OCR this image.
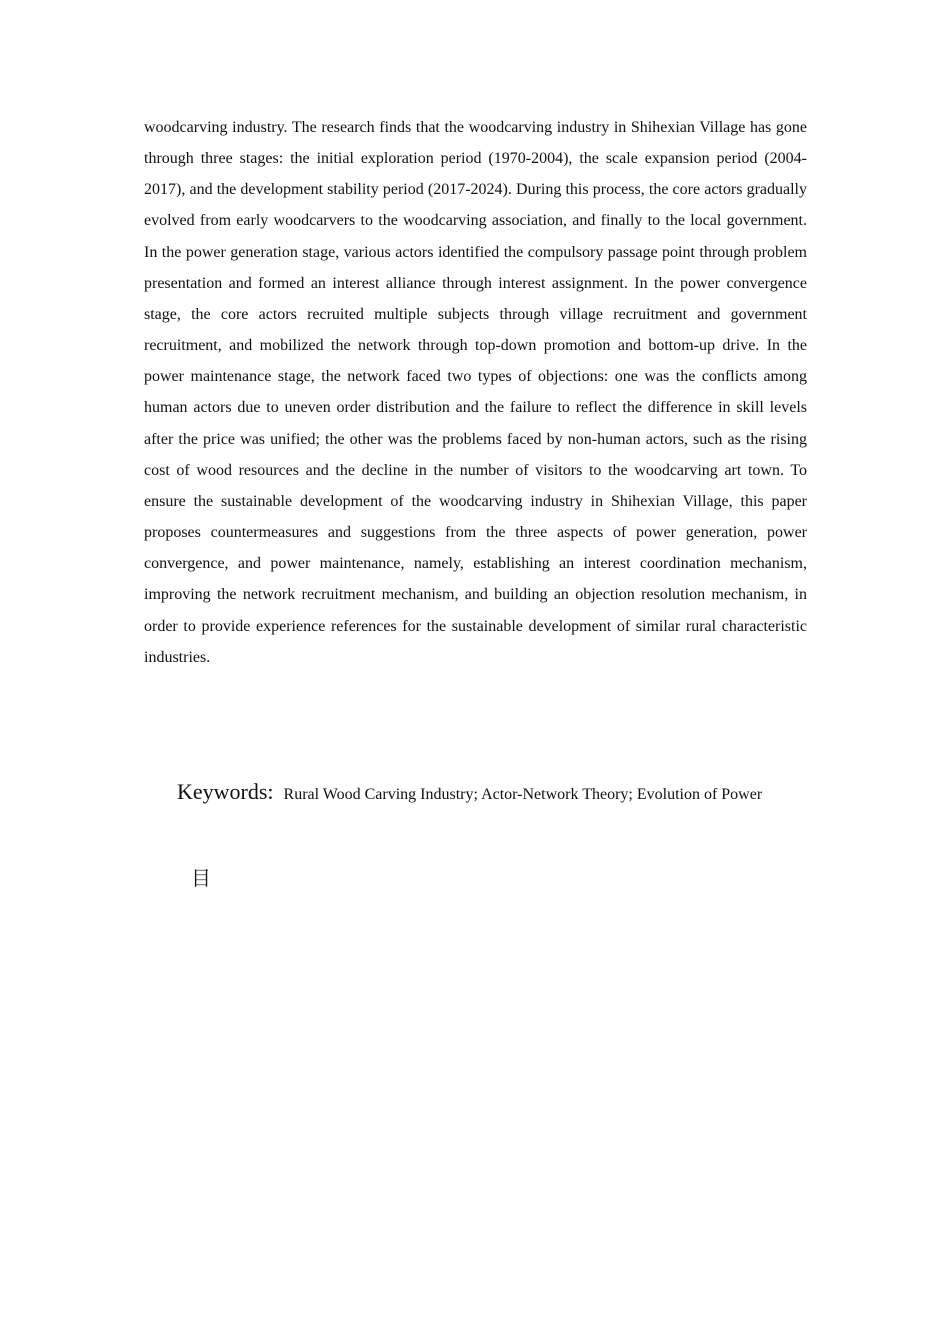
woodcarving industry. The research finds that the woodcarving industry in Shihexian Village has gone through three stages: the initial exploration period (1970-2004), the scale expansion period (2004-2017), and the development stability period (2017-2024). During this process, the core actors gradually evolved from early woodcarvers to the woodcarving association, and finally to the local government. In the power generation stage, various actors identified the compulsory passage point through problem presentation and formed an interest alliance through interest assignment. In the power convergence stage, the core actors recruited multiple subjects through village recruitment and government recruitment, and mobilized the network through top-down promotion and bottom-up drive. In the power maintenance stage, the network faced two types of objections: one was the conflicts among human actors due to uneven order distribution and the failure to reflect the difference in skill levels after the price was unified; the other was the problems faced by non-human actors, such as the rising cost of wood resources and the decline in the number of visitors to the woodcarving art town. To ensure the sustainable development of the woodcarving industry in Shihexian Village, this paper proposes countermeasures and suggestions from the three aspects of power generation, power convergence, and power maintenance, namely, establishing an interest coordination mechanism, improving the network recruitment mechanism, and building an objection resolution mechanism, in order to provide experience references for the sustainable development of similar rural characteristic industries.

Keywords: Rural Wood Carving Industry; Actor-Network Theory; Evolution of Power

目
